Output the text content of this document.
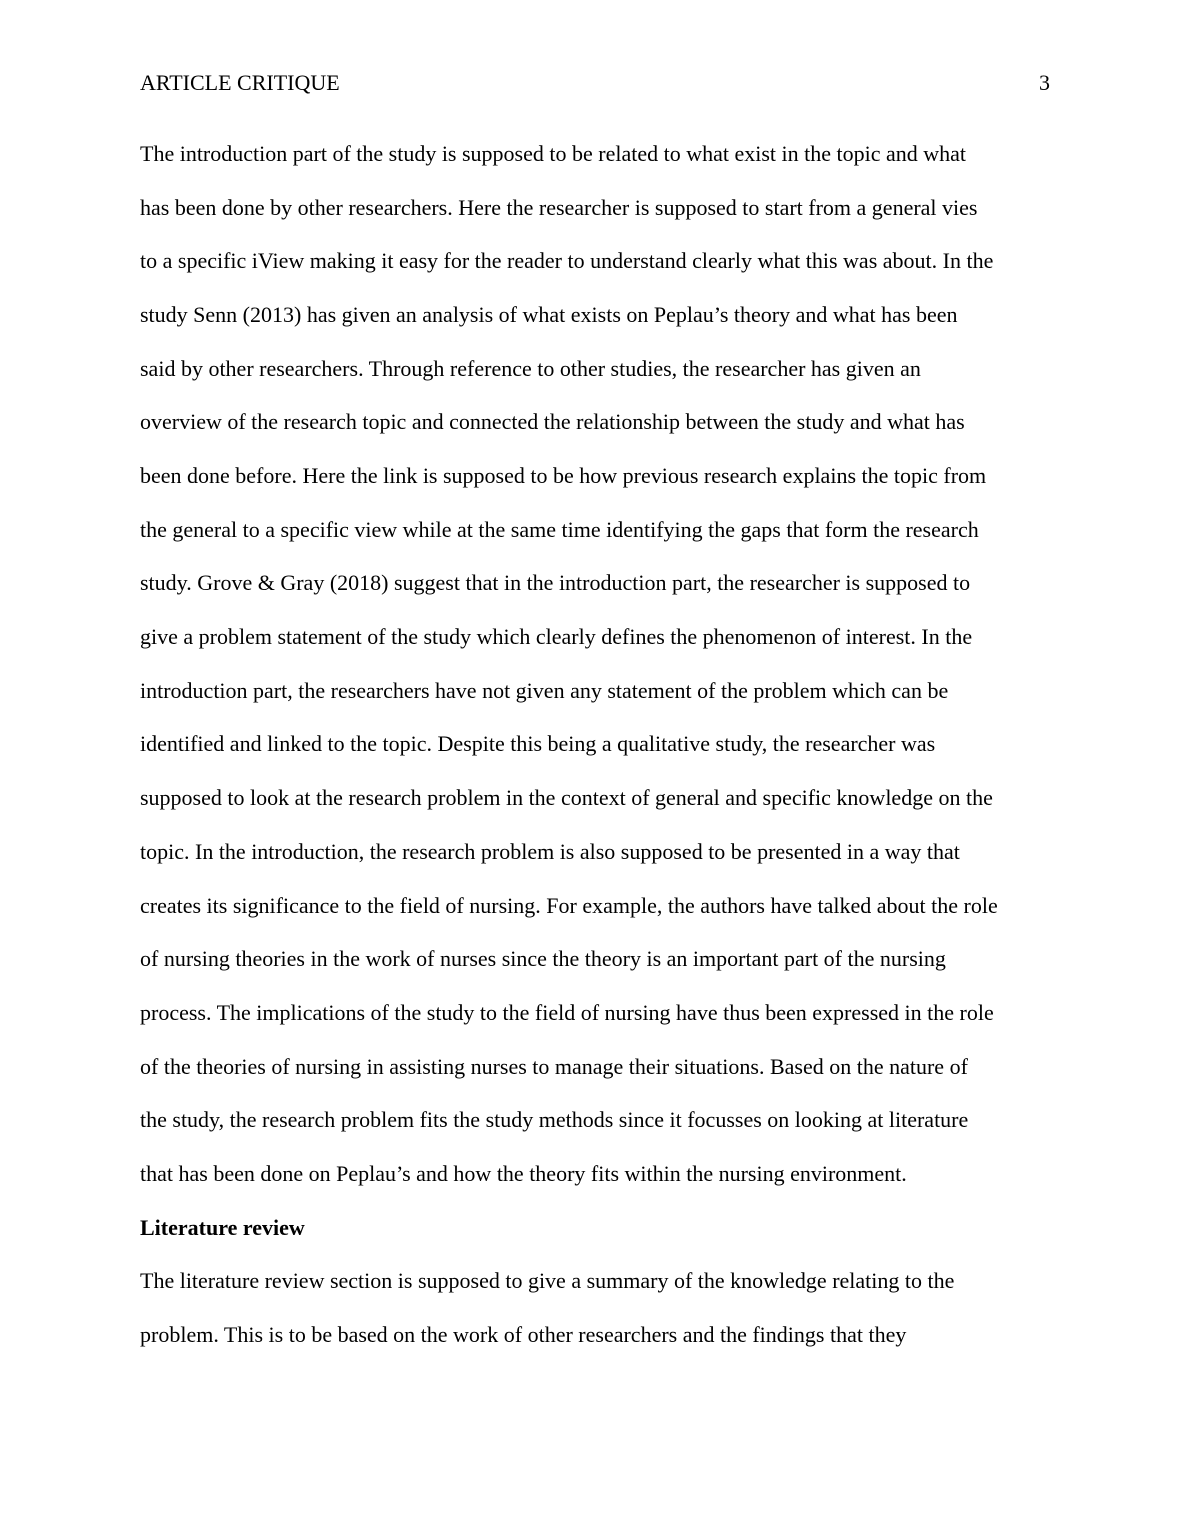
ARTICLE CRITIQUE	3
The introduction part of the study is supposed to be related to what exist in the topic and what
has been done by other researchers. Here the researcher is supposed to start from a general vies
to a specific iView making it easy for the reader to understand clearly what this was about. In the
study Senn (2013) has given an analysis of what exists on Peplau’s theory and what has been
said by other researchers. Through reference to other studies, the researcher has given an
overview of the research topic and connected the relationship between the study and what has
been done before. Here the link is supposed to be how previous research explains the topic from
the general to a specific view while at the same time identifying the gaps that form the research
study. Grove & Gray (2018) suggest that in the introduction part, the researcher is supposed to
give a problem statement of the study which clearly defines the phenomenon of interest. In the
introduction part, the researchers have not given any statement of the problem which can be
identified and linked to the topic. Despite this being a qualitative study, the researcher was
supposed to look at the research problem in the context of general and specific knowledge on the
topic. In the introduction, the research problem is also supposed to be presented in a way that
creates its significance to the field of nursing. For example, the authors have talked about the role
of nursing theories in the work of nurses since the theory is an important part of the nursing
process. The implications of the study to the field of nursing have thus been expressed in the role
of the theories of nursing in assisting nurses to manage their situations. Based on the nature of
the study, the research problem fits the study methods since it focusses on looking at literature
that has been done on Peplau’s and how the theory fits within the nursing environment.
Literature review
The literature review section is supposed to give a summary of the knowledge relating to the
problem. This is to be based on the work of other researchers and the findings that they
